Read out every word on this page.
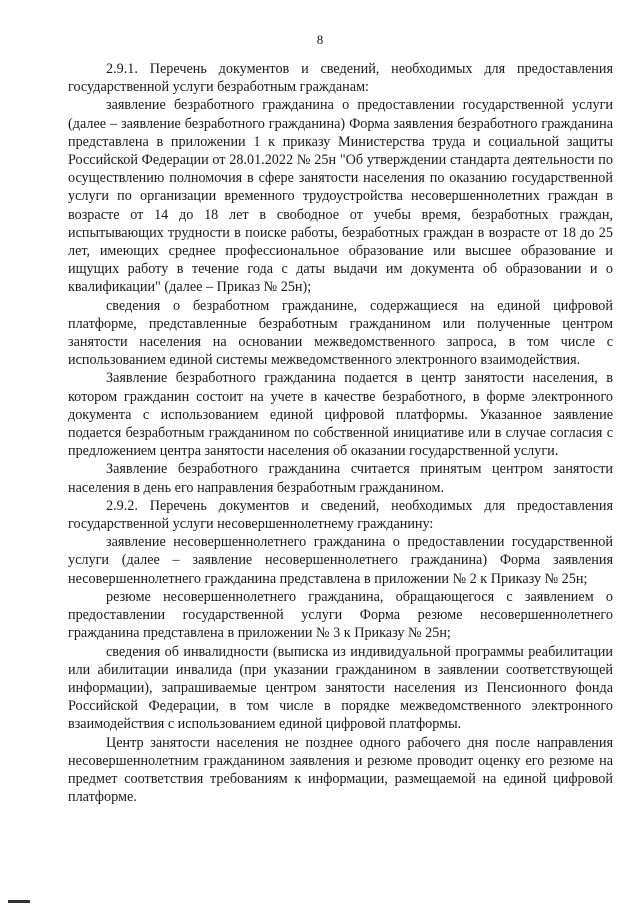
8

2.9.1. Перечень документов и сведений, необходимых для предоставления государственной услуги безработным гражданам:

заявление безработного гражданина о предоставлении государственной услуги (далее – заявление безработного гражданина) Форма заявления безработного гражданина представлена в приложении 1 к приказу Министерства труда и социальной защиты Российской Федерации от 28.01.2022 № 25н "Об утверждении стандарта деятельности по осуществлению полномочия в сфере занятости населения по оказанию государственной услуги по организации временного трудоустройства несовершеннолетних граждан в возрасте от 14 до 18 лет в свободное от учебы время, безработных граждан, испытывающих трудности в поиске работы, безработных граждан в возрасте от 18 до 25 лет, имеющих среднее профессиональное образование или высшее образование и ищущих работу в течение года с даты выдачи им документа об образовании и о квалификации" (далее – Приказ № 25н);

сведения о безработном гражданине, содержащиеся на единой цифровой платформе, представленные безработным гражданином или полученные центром занятости населения на основании межведомственного запроса, в том числе с использованием единой системы межведомственного электронного взаимодействия.

Заявление безработного гражданина подается в центр занятости населения, в котором гражданин состоит на учете в качестве безработного, в форме электронного документа с использованием единой цифровой платформы. Указанное заявление подается безработным гражданином по собственной инициативе или в случае согласия с предложением центра занятости населения об оказании государственной услуги.

Заявление безработного гражданина считается принятым центром занятости населения в день его направления безработным гражданином.

2.9.2. Перечень документов и сведений, необходимых для предоставления государственной услуги несовершеннолетнему гражданину:

заявление несовершеннолетнего гражданина о предоставлении государственной услуги (далее – заявление несовершеннолетнего гражданина) Форма заявления несовершеннолетнего гражданина представлена в приложении № 2 к Приказу № 25н;

резюме несовершеннолетнего гражданина, обращающегося с заявлением о предоставлении государственной услуги Форма резюме несовершеннолетнего гражданина представлена в приложении № 3 к Приказу № 25н;

сведения об инвалидности (выписка из индивидуальной программы реабилитации или абилитации инвалида (при указании гражданином в заявлении соответствующей информации), запрашиваемые центром занятости населения из Пенсионного фонда Российской Федерации, в том числе в порядке межведомственного электронного взаимодействия с использованием единой цифровой платформы.

Центр занятости населения не позднее одного рабочего дня после направления несовершеннолетним гражданином заявления и резюме проводит оценку его резюме на предмет соответствия требованиям к информации, размещаемой на единой цифровой платформе.
